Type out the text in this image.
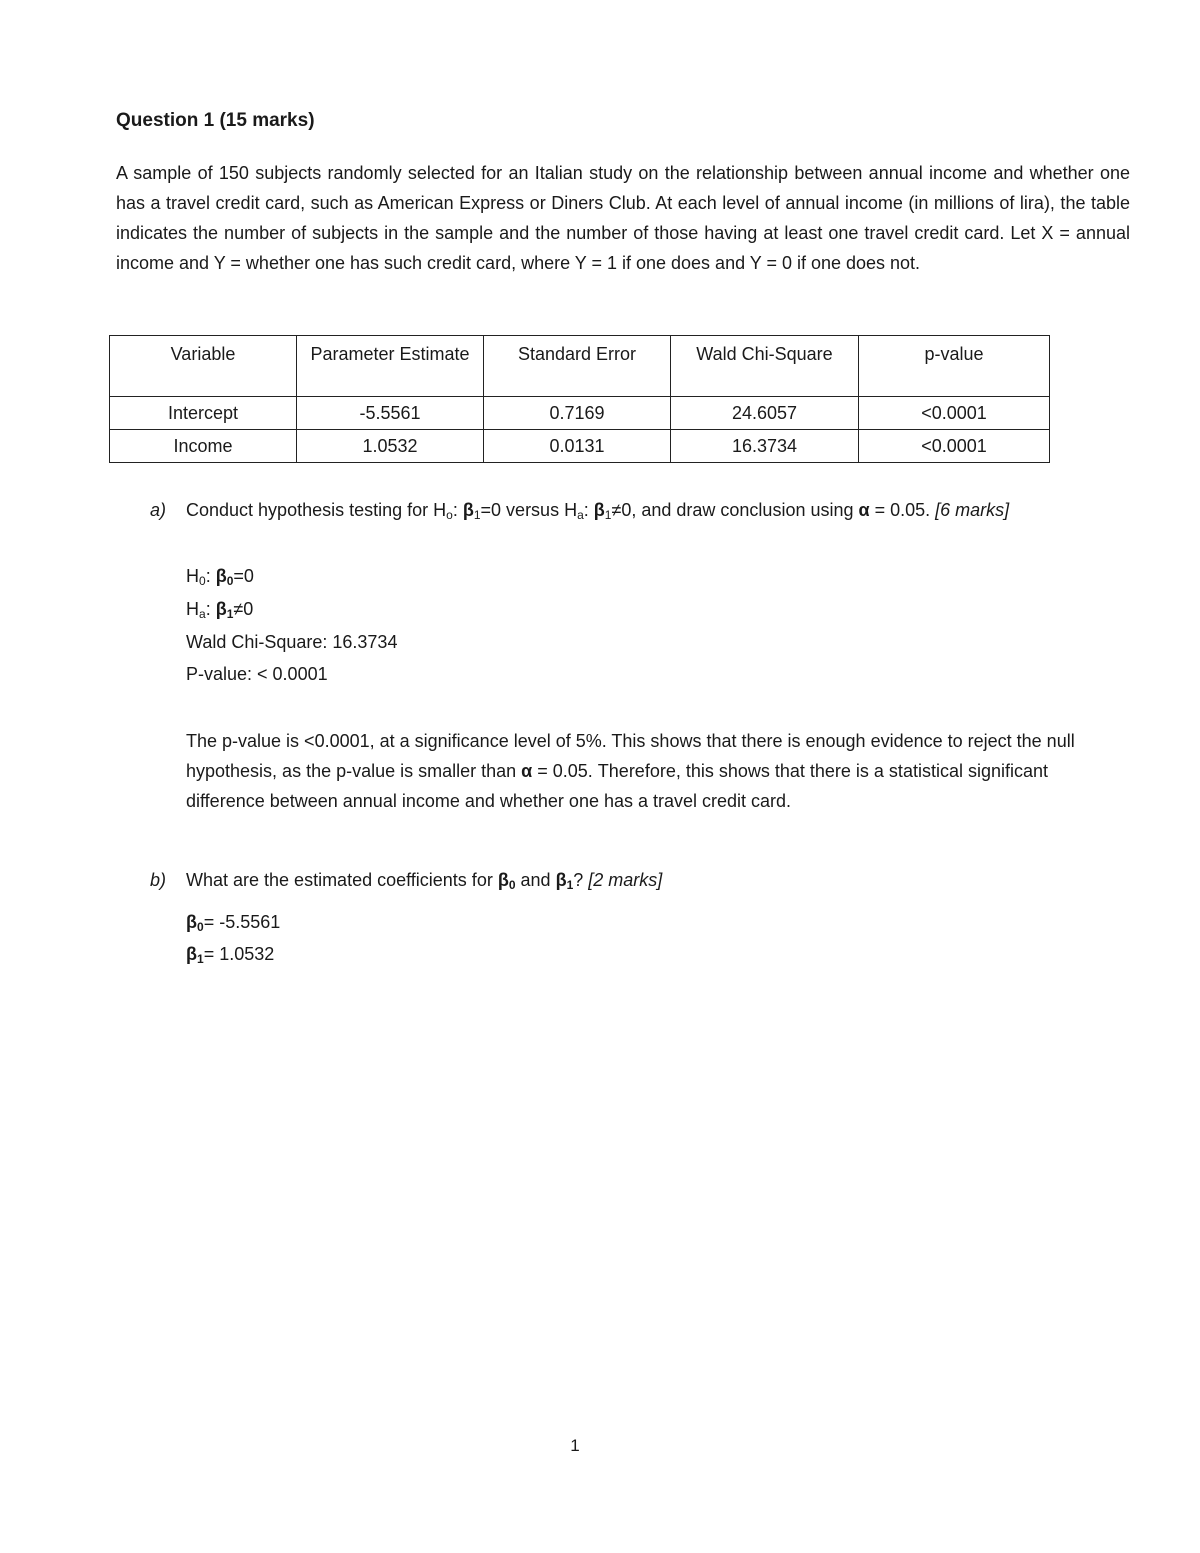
Question 1 (15 marks)
A sample of 150 subjects randomly selected for an Italian study on the relationship between annual income and whether one has a travel credit card, such as American Express or Diners Club. At each level of annual income (in millions of lira), the table indicates the number of subjects in the sample and the number of those having at least one travel credit card. Let X = annual income and Y = whether one has such credit card, where Y = 1 if one does and Y = 0 if one does not.
Variable	Parameter Estimate	Standard Error	Wald Chi-Square	p-value
Intercept	-5.5561	0.7169	24.6057	<0.0001
Income	1.0532	0.0131	16.3734	<0.0001
a) Conduct hypothesis testing for $H_o$: $\beta_1=0$ versus $H_a$: $\beta_1\ne 0$, and draw conclusion using α = 0.05. [6 marks]
$H_0$: $\beta_0=0$
$H_a$: $\beta_1\ne 0$
Wald Chi-Square: 16.3734
P-value: < 0.0001
The p-value is <0.0001, at a significance level of 5%. This shows that there is enough evidence to reject the null hypothesis, as the p-value is smaller than α = 0.05. Therefore, this shows that there is a statistical significant difference between annual income and whether one has a travel credit card.
b) What are the estimated coefficients for $\beta_0$ and $\beta_1$? [2 marks]
$\beta_0= -5.5561$
$\beta_1= 1.0532$
1
